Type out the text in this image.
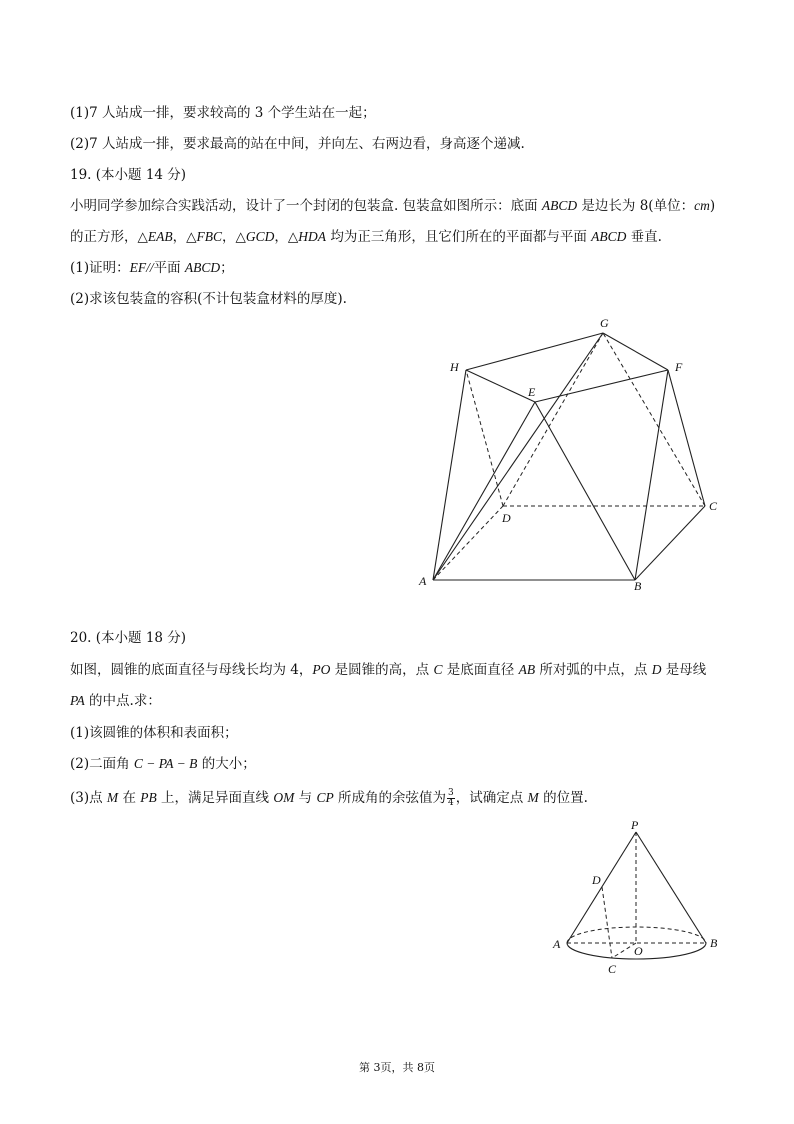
(1)7 人站成一排，要求较高的 3 个学生站在一起；
(2)7 人站成一排，要求最高的站在中间，并向左、右两边看，身高逐个递减.
19. (本小题 14 分)
小明同学参加综合实践活动，设计了一个封闭的包装盒. 包装盒如图所示：底面 ABCD 是边长为 8(单位：cm)
的正方形，△EAB，△FBC，△GCD，△HDA 均为正三角形，且它们所在的平面都与平面 ABCD 垂直.
(1)证明：EF//平面 ABCD；
(2)求该包装盒的容积(不计包装盒材料的厚度).
G
H	F
E
D
C
A	B
20. (本小题 18 分)
如图，圆锥的底面直径与母线长均为 4，PO 是圆锥的高，点 C 是底面直径 AB 所对弧的中点，点 D 是母线
PA 的中点.求：
(1)该圆锥的体积和表面积；
(2)二面角 C − PA − B 的大小；
(3)点 M 在 PB 上，满足异面直线 OM 与 CP 所成角的余弦值为 $\frac{3}{4}$ ，试确定点 M 的位置.
P
D
A	O
B
C
第 3页，共 8页
